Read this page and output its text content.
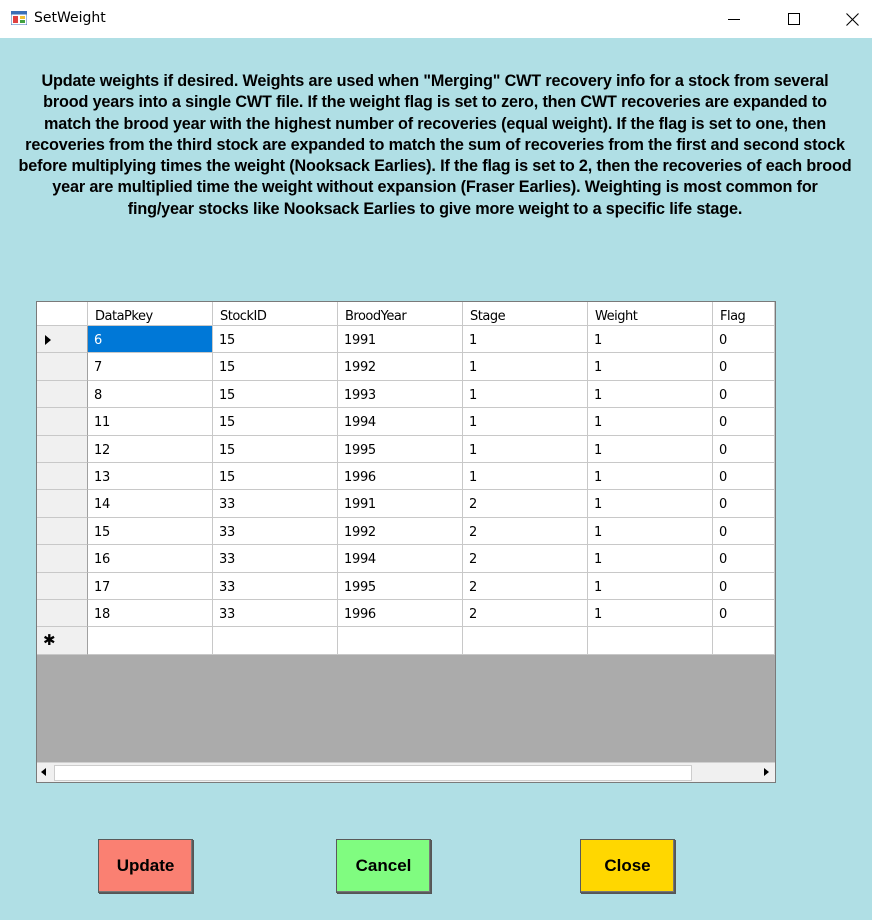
SetWeight
Update weights if desired. Weights are used when "Merging" CWT recovery info for a stock from several brood years into a single CWT file. If the weight flag is set to zero, then CWT recoveries are expanded to match the brood year with the highest number of recoveries (equal weight). If the flag is set to one, then recoveries from the third stock are expanded to match the sum of recoveries from the first and second stock before multiplying times the weight (Nooksack Earlies). If the flag is set to 2, then the recoveries of each brood year are multiplied time the weight without expansion (Fraser Earlies). Weighting is most common for fing/year stocks like Nooksack Earlies to give more weight to a specific life stage.
DataPkey	StockID	BroodYear	Stage	Weight	Flag
6	15	1991	1	1	0
7	15	1992	1	1	0
8	15	1993	1	1	0
11	15	1994	1	1	0
12	15	1995	1	1	0
13	15	1996	1	1	0
14	33	1991	2	1	0
15	33	1992	2	1	0
16	33	1994	2	1	0
17	33	1995	2	1	0
18	33	1996	2	1	0
✱
Update	Cancel	Close
